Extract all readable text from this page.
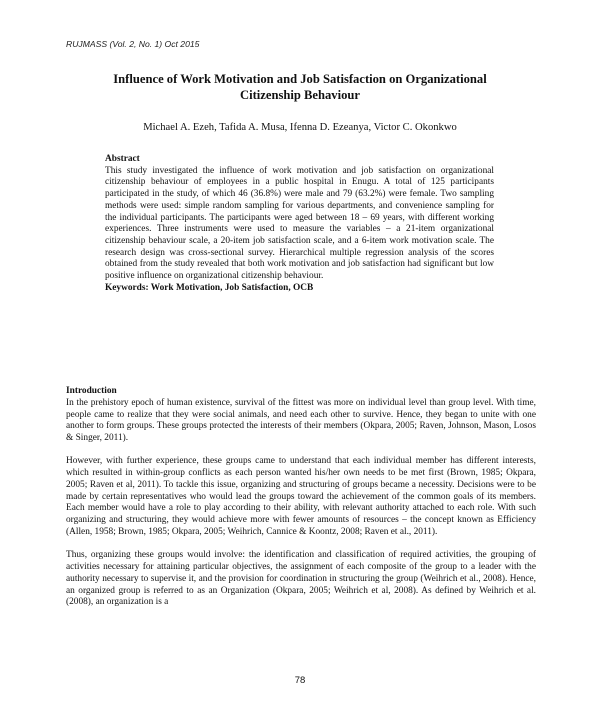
RUJMASS (Vol. 2, No. 1) Oct 2015
Influence of Work Motivation and Job Satisfaction on Organizational
Citizenship Behaviour
Michael A. Ezeh, Tafida A. Musa, Ifenna D. Ezeanya, Victor C. Okonkwo
Abstract
This study investigated the influence of work motivation and job satisfaction on organizational citizenship behaviour of employees in a public hospital in Enugu. A total of 125 participants participated in the study, of which 46 (36.8%) were male and 79 (63.2%) were female. Two sampling methods were used: simple random sampling for various departments, and convenience sampling for the individual participants. The participants were aged between 18 – 69 years, with different working experiences. Three instruments were used to measure the variables – a 21-item organizational citizenship behaviour scale, a 20-item job satisfaction scale, and a 6-item work motivation scale. The research design was cross-sectional survey. Hierarchical multiple regression analysis of the scores obtained from the study revealed that both work motivation and job satisfaction had significant but low positive influence on organizational citizenship behaviour.
Keywords: Work Motivation, Job Satisfaction, OCB
Introduction

In the prehistory epoch of human existence, survival of the fittest was more on individual level than group level. With time, people came to realize that they were social animals, and need each other to survive. Hence, they began to unite with one another to form groups. These groups protected the interests of their members (Okpara, 2005; Raven, Johnson, Mason, Losos & Singer, 2011).

However, with further experience, these groups came to understand that each individual member has different interests, which resulted in within-group conflicts as each person wanted his/her own needs to be met first (Brown, 1985; Okpara, 2005; Raven et al, 2011). To tackle this issue, organizing and structuring of groups became a necessity. Decisions were to be made by certain representatives who would lead the groups toward the achievement of the common goals of its members. Each member would have a role to play according to their ability, with relevant authority attached to each role. With such organizing and structuring, they would achieve more with fewer amounts of resources – the concept known as Efficiency (Allen, 1958; Brown, 1985; Okpara, 2005; Weihrich, Cannice & Koontz, 2008; Raven et al., 2011).

Thus, organizing these groups would involve: the identification and classification of required activities, the grouping of activities necessary for attaining particular objectives, the assignment of each composite of the group to a leader with the authority necessary to supervise it, and the provision for coordination in structuring the group (Weihrich et al., 2008). Hence, an organized group is referred to as an Organization (Okpara, 2005; Weihrich et al, 2008). As defined by Weihrich et al. (2008), an organization is a

78
